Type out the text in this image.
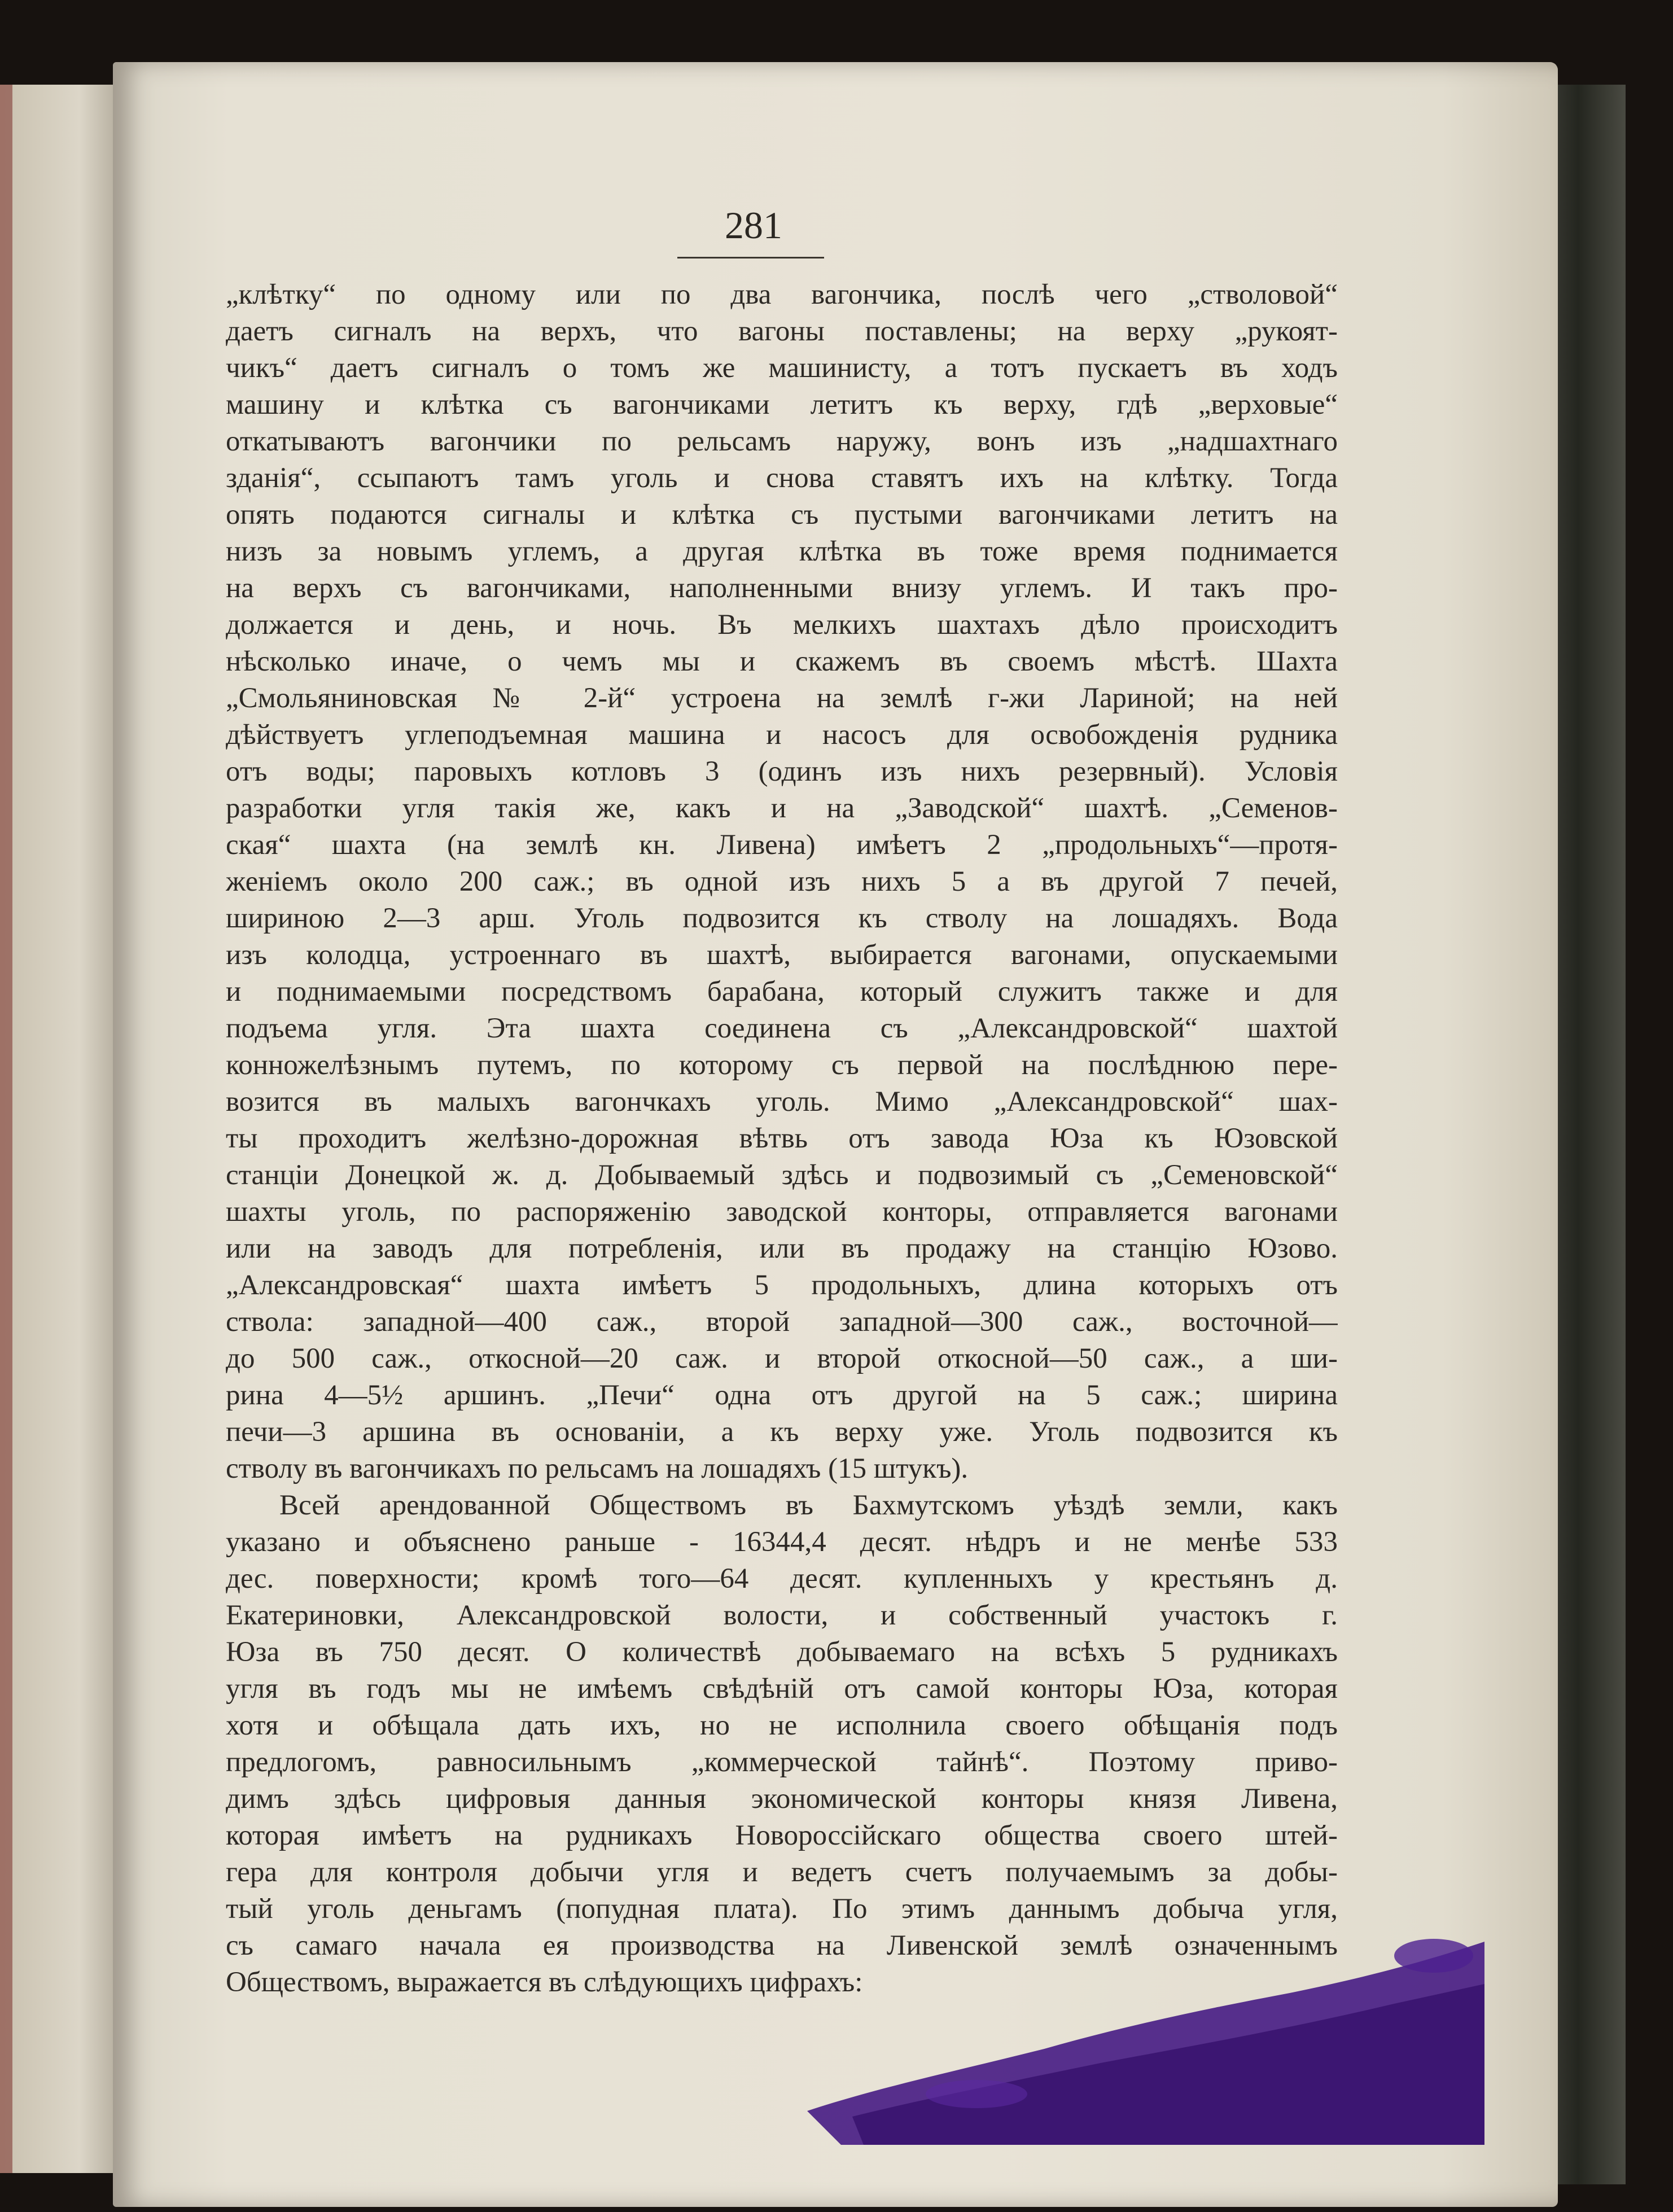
281
„клѣтку“ по одному или по два вагончика, послѣ чего „стволовой“
даетъ сигналъ на верхъ, что вагоны поставлены; на верху „рукоят-
чикъ“ даетъ сигналъ о томъ же машинисту, а тотъ пускаетъ въ ходъ
машину и клѣтка съ вагончиками летитъ къ верху, гдѣ „верховые“
откатываютъ вагончики по рельсамъ наружу, вонъ изъ „надшахтнаго
зданія“, ссыпаютъ тамъ уголь и снова ставятъ ихъ на клѣтку. Тогда
опять подаются сигналы и клѣтка съ пустыми вагончиками летитъ на
низъ за новымъ углемъ, а другая клѣтка въ тоже время поднимается
на верхъ съ вагончиками, наполненными внизу углемъ. И такъ про-
должается и день, и ночь. Въ мелкихъ шахтахъ дѣло происходитъ
нѣсколько иначе, о чемъ мы и скажемъ въ своемъ мѣстѣ. Шахта
„Смольяниновская № 2-й“ устроена на землѣ г-жи Лариной; на ней
дѣйствуетъ углеподъемная машина и насосъ для освобожденія рудника
отъ воды; паровыхъ котловъ 3 (одинъ изъ нихъ резервный). Условія
разработки угля такія же, какъ и на „Заводской“ шахтѣ. „Семенов-
ская“ шахта (на землѣ кн. Ливена) имѣетъ 2 „продольныхъ“—протя-
женіемъ около 200 саж.; въ одной изъ нихъ 5 а въ другой 7 печей,
шириною 2—3 арш. Уголь подвозится къ стволу на лошадяхъ. Вода
изъ колодца, устроеннаго въ шахтѣ, выбирается вагонами, опускаемыми
и поднимаемыми посредствомъ барабана, который служитъ также и для
подъема угля. Эта шахта соединена съ „Александровской“ шахтой
конножелѣзнымъ путемъ, по которому съ первой на послѣднюю пере-
возится въ малыхъ вагончкахъ уголь. Мимо „Александровской“ шах-
ты проходитъ желѣзно-дорожная вѣтвь отъ завода Юза къ Юзовской
станціи Донецкой ж. д. Добываемый здѣсь и подвозимый съ „Семеновской“
шахты уголь, по распоряженію заводской конторы, отправляется вагонами
или на заводъ для потребленія, или въ продажу на станцію Юзово.
„Александровская“ шахта имѣетъ 5 продольныхъ, длина которыхъ отъ
ствола: западной—400 саж., второй западной—300 саж., восточной—
до 500 саж., откосной—20 саж. и второй откосной—50 саж., а ши-
рина 4—5½ аршинъ. „Печи“ одна отъ другой на 5 саж.; ширина
печи—3 аршина въ основаніи, а къ верху уже. Уголь подвозится къ
стволу въ вагончикахъ по рельсамъ на лошадяхъ (15 штукъ).
Всей арендованной Обществомъ въ Бахмутскомъ уѣздѣ земли, какъ
указано и объяснено раньше - 16344,4 десят. нѣдръ и не менѣе 533
дес. поверхности; кромѣ того—64 десят. купленныхъ у крестьянъ д.
Екатериновки, Александровской волости, и собственный участокъ г.
Юза въ 750 десят. О количествѣ добываемаго на всѣхъ 5 рудникахъ
угля въ годъ мы не имѣемъ свѣдѣній отъ самой конторы Юза, которая
хотя и обѣщала дать ихъ, но не исполнила своего обѣщанія подъ
предлогомъ, равносильнымъ „коммерческой тайнѣ“. Поэтому приво-
димъ здѣсь цифровыя данныя экономической конторы князя Ливена,
которая имѣетъ на рудникахъ Новороссійскаго общества своего штей-
гера для контроля добычи угля и ведетъ счетъ получаемымъ за добы-
тый уголь деньгамъ (попудная плата). По этимъ даннымъ добыча угля,
съ самаго начала ея производства на Ливенской землѣ означеннымъ
Обществомъ, выражается въ слѣдующихъ цифрахъ:
